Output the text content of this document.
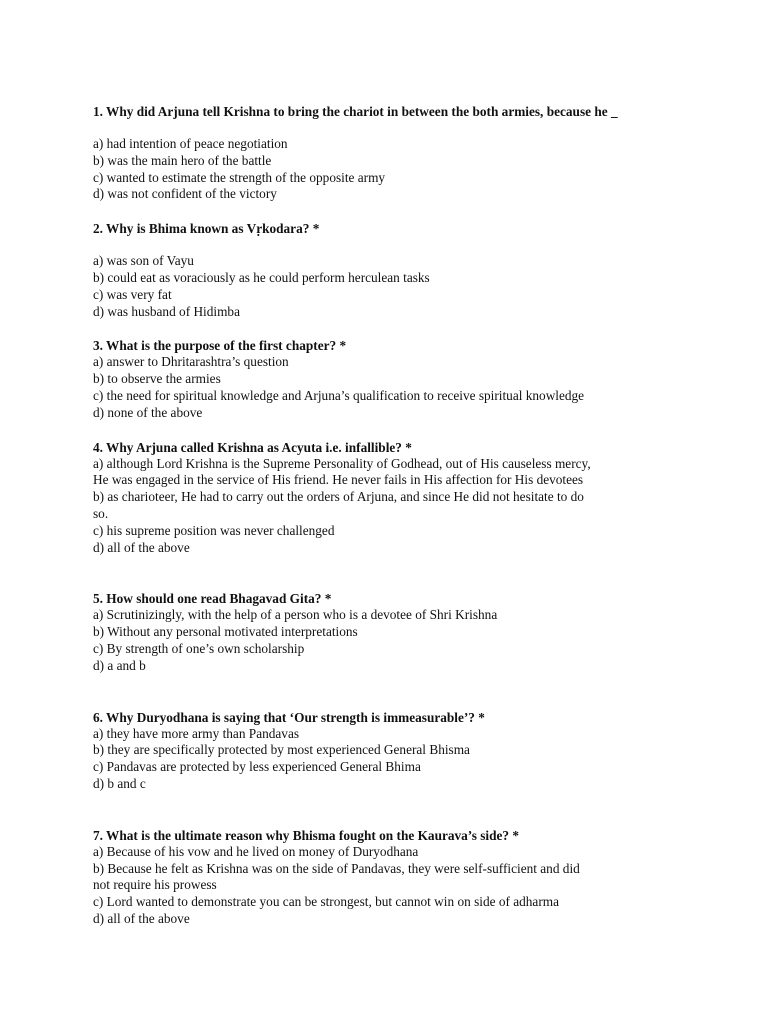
1. Why did Arjuna tell Krishna to bring the chariot in between the both armies, because he _
a) had intention of peace negotiation
b) was the main hero of the battle
c) wanted to estimate the strength of the opposite army
d) was not confident of the victory
2. Why is Bhima known as Vṛkodara? *
a) was son of Vayu
b) could eat as voraciously as he could perform herculean tasks
c) was very fat
d) was husband of Hidimba
3. What is the purpose of the first chapter? *
a) answer to Dhritarashtra’s question
b) to observe the armies
c) the need for spiritual knowledge and Arjuna’s qualification to receive spiritual knowledge
d) none of the above
4. Why Arjuna called Krishna as Acyuta i.e. infallible? *
a) although Lord Krishna is the Supreme Personality of Godhead, out of His causeless mercy,
He was engaged in the service of His friend. He never fails in His affection for His devotees
b) as charioteer, He had to carry out the orders of Arjuna, and since He did not hesitate to do
so.
c) his supreme position was never challenged
d) all of the above
5. How should one read Bhagavad Gita? *
a) Scrutinizingly, with the help of a person who is a devotee of Shri Krishna
b) Without any personal motivated interpretations
c) By strength of one’s own scholarship
d) a and b
6. Why Duryodhana is saying that ‘Our strength is immeasurable’? *
a) they have more army than Pandavas
b) they are specifically protected by most experienced General Bhisma
c) Pandavas are protected by less experienced General Bhima
d) b and c
7. What is the ultimate reason why Bhisma fought on the Kaurava’s side? *
a) Because of his vow and he lived on money of Duryodhana
b) Because he felt as Krishna was on the side of Pandavas, they were self-sufficient and did
not require his prowess
c) Lord wanted to demonstrate you can be strongest, but cannot win on side of adharma
d) all of the above
